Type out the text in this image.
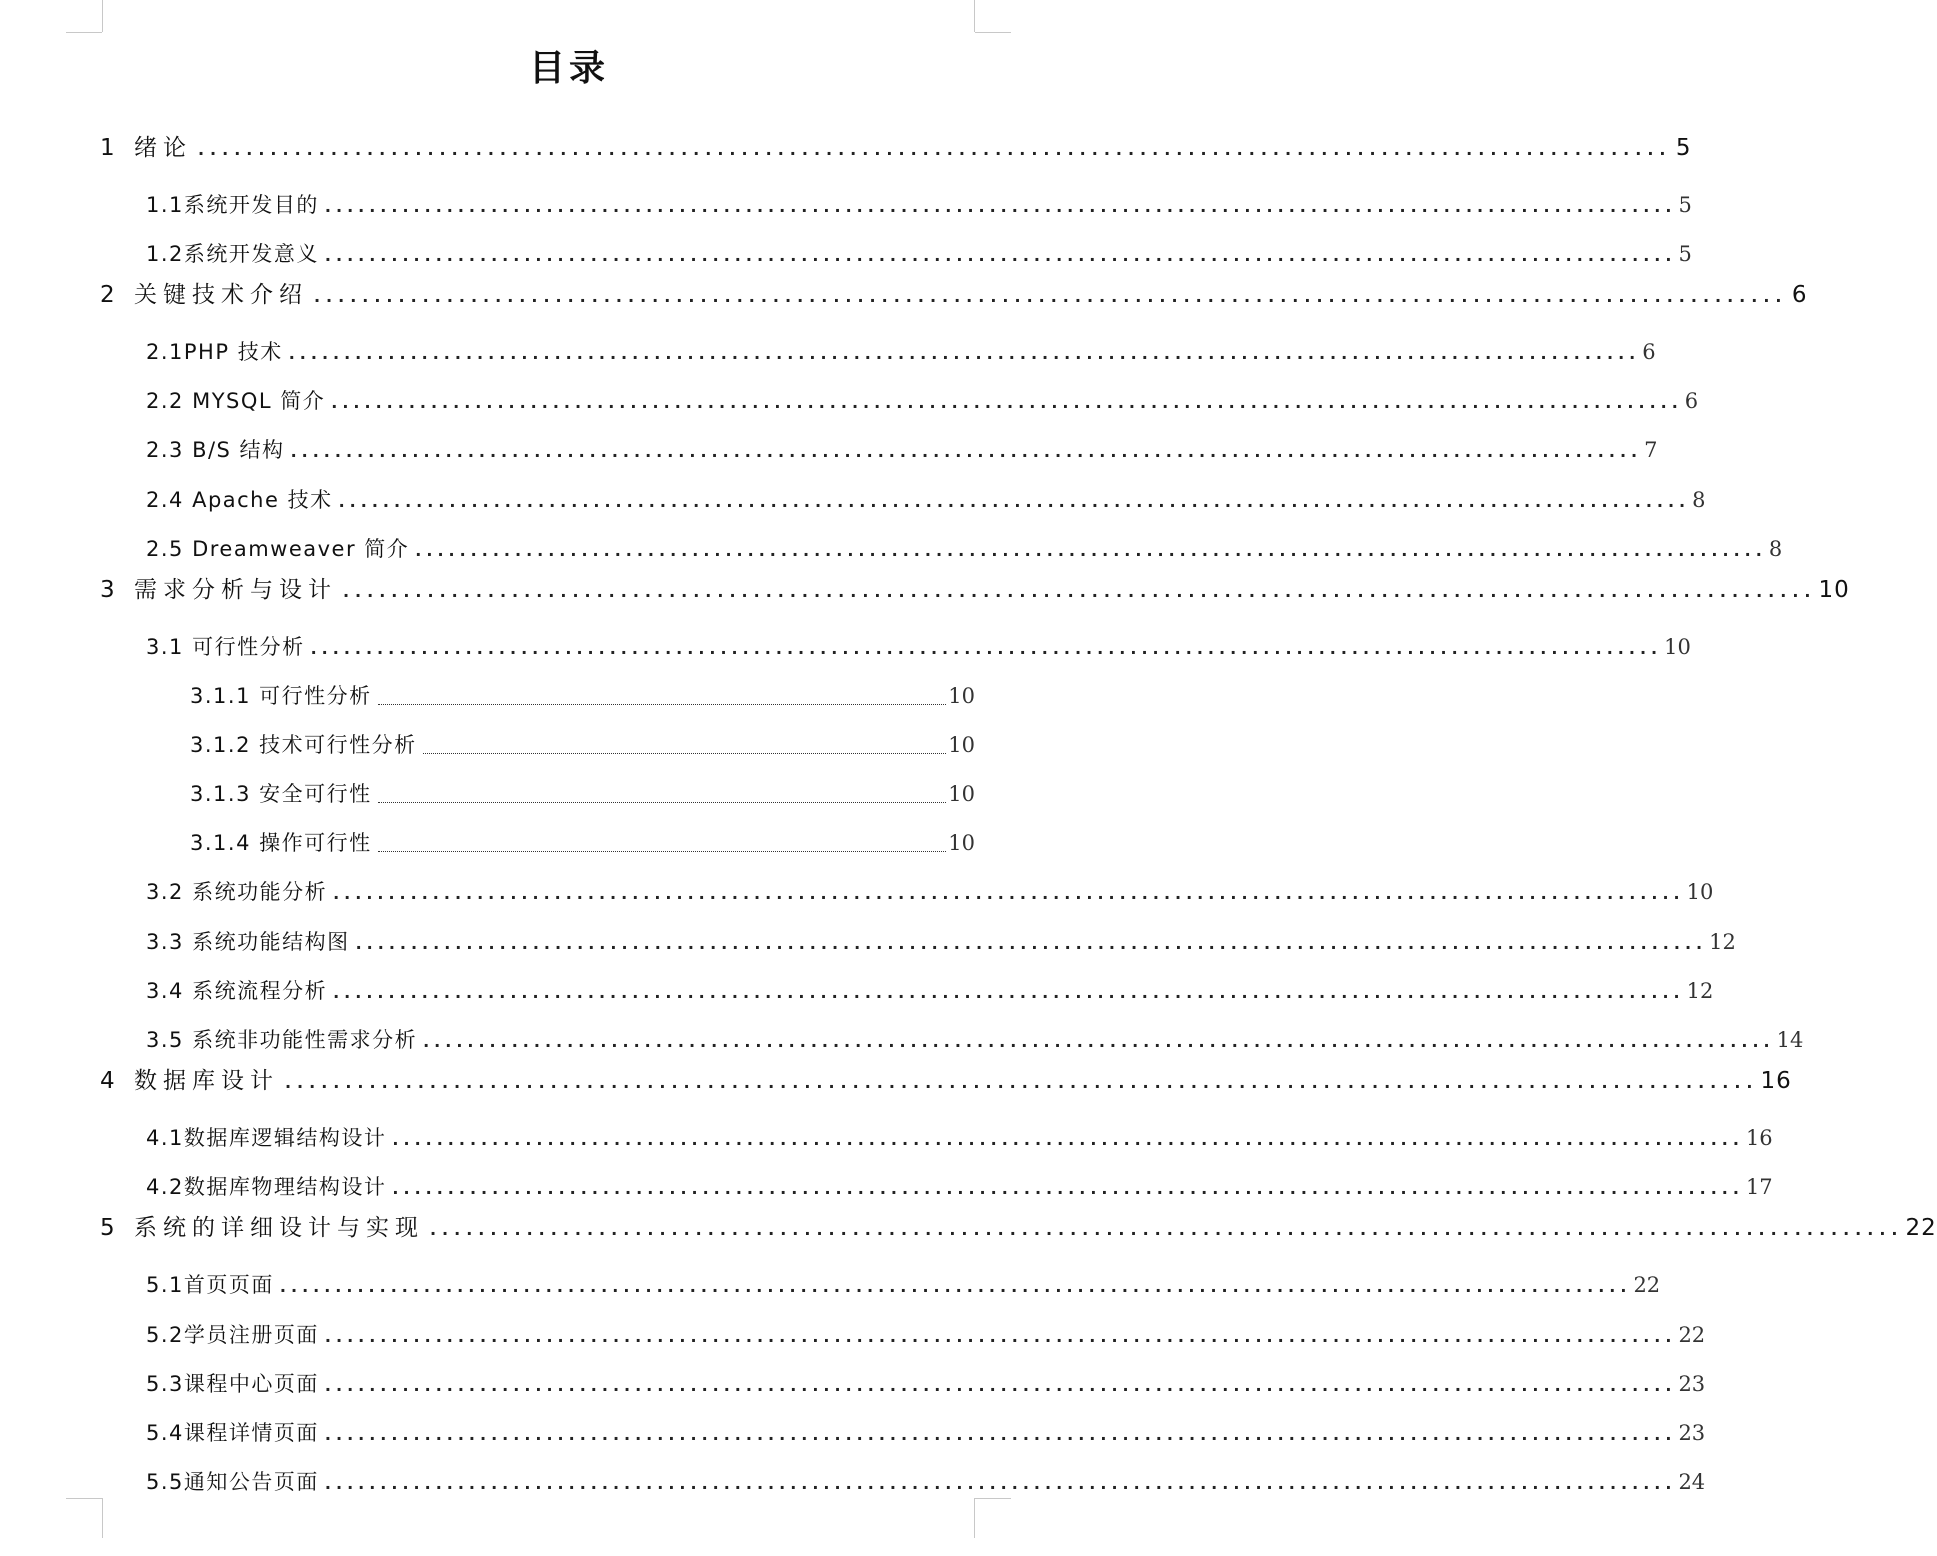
目录
1 绪论 .......................................................................................................................... 5
1.1系统开发目的 .......................................................................................................................... 5
1.2系统开发意义 .......................................................................................................................... 5
2 关键技术介绍 .......................................................................................................................... 6
2.1PHP 技术 .......................................................................................................................... 6
2.2 MYSQL 简介 .......................................................................................................................... 6
2.3 B/S 结构 .......................................................................................................................... 7
2.4 Apache 技术 .......................................................................................................................... 8
2.5 Dreamweaver 简介 .......................................................................................................................... 8
3 需求分析与设计 .......................................................................................................................... 10
3.1 可行性分析 .......................................................................................................................... 10
3.1.1 可行性分析	10
3.1.2 技术可行性分析	10
3.1.3 安全可行性	10
3.1.4 操作可行性	10
3.2 系统功能分析 .......................................................................................................................... 10
3.3 系统功能结构图 .......................................................................................................................... 12
3.4 系统流程分析 .......................................................................................................................... 12
3.5 系统非功能性需求分析 .......................................................................................................................... 14
4 数据库设计 .......................................................................................................................... 16
4.1数据库逻辑结构设计 .......................................................................................................................... 16
4.2数据库物理结构设计 .......................................................................................................................... 17
5 系统的详细设计与实现 .......................................................................................................................... 22
5.1首页页面 .......................................................................................................................... 22
5.2学员注册页面 .......................................................................................................................... 22
5.3课程中心页面 .......................................................................................................................... 23
5.4课程详情页面 .......................................................................................................................... 23
5.5通知公告页面 .......................................................................................................................... 24
